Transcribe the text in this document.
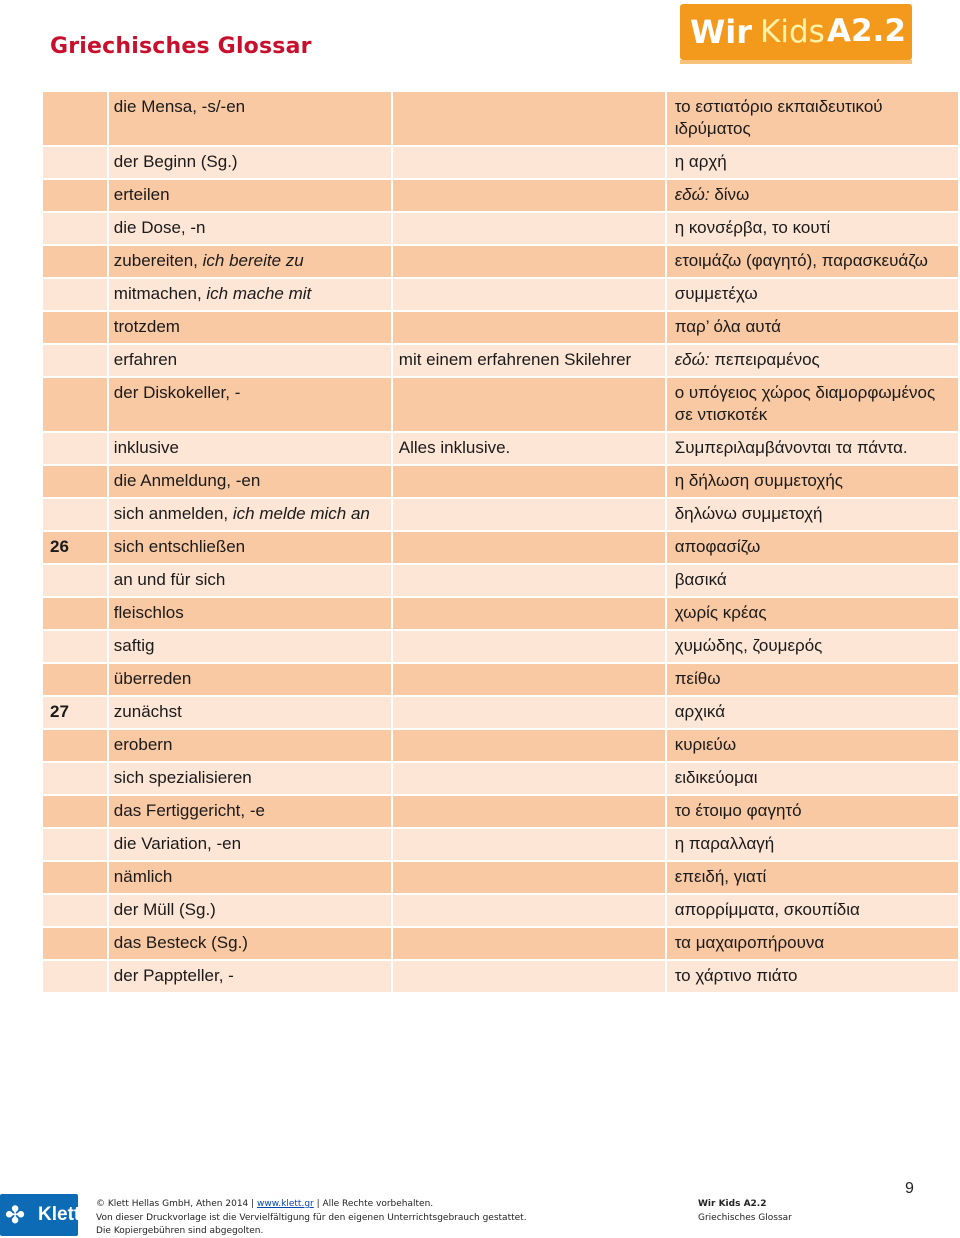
Griechisches Glossar	Wir Kids A2.2
	die Mensa, -s/-en		το εστιατόριο εκπαιδευτικού ιδρύματος
	der Beginn (Sg.)		η αρχή
	erteilen		εδώ: δίνω
	die Dose, -n		η κονσέρβα, το κουτί
	zubereiten, ich bereite zu		ετοιμάζω (φαγητό), παρασκευάζω
	mitmachen, ich mache mit		συμμετέχω
	trotzdem		παρ’ όλα αυτά
	erfahren	mit einem erfahrenen Skilehrer	εδώ: πεπειραμένος
	der Diskokeller, -		ο υπόγειος χώρος διαμορφωμένος σε ντισκοτέκ
	inklusive	Alles inklusive.	Συμπεριλαμβάνονται τα πάντα.
	die Anmeldung, -en		η δήλωση συμμετοχής
	sich anmelden, ich melde mich an		δηλώνω συμμετοχή
26	sich entschließen		αποφασίζω
	an und für sich		βασικά
	fleischlos		χωρίς κρέας
	saftig		χυμώδης, ζουμερός
	überreden		πείθω
27	zunächst		αρχικά
	erobern		κυριεύω
	sich spezialisieren		ειδικεύομαι
	das Fertiggericht, -e		το έτοιμο φαγητό
	die Variation, -en		η παραλλαγή
	nämlich		επειδή, γιατί
	der Müll (Sg.)		απορρίμματα, σκουπίδια
	das Besteck (Sg.)		τα μαχαιροπήρουνα
	der Pappteller, -		το χάρτινο πιάτο
✤ Klett © Klett Hellas GmbH, Athen 2014 | www.klett.gr | Alle Rechte vorbehalten.
Von dieser Druckvorlage ist die Vervielfältigung für den eigenen Unterrichtsgebrauch gestattet.
Die Kopiergebühren sind abgegolten.
Wir Kids A2.2
Griechisches Glossar
9
